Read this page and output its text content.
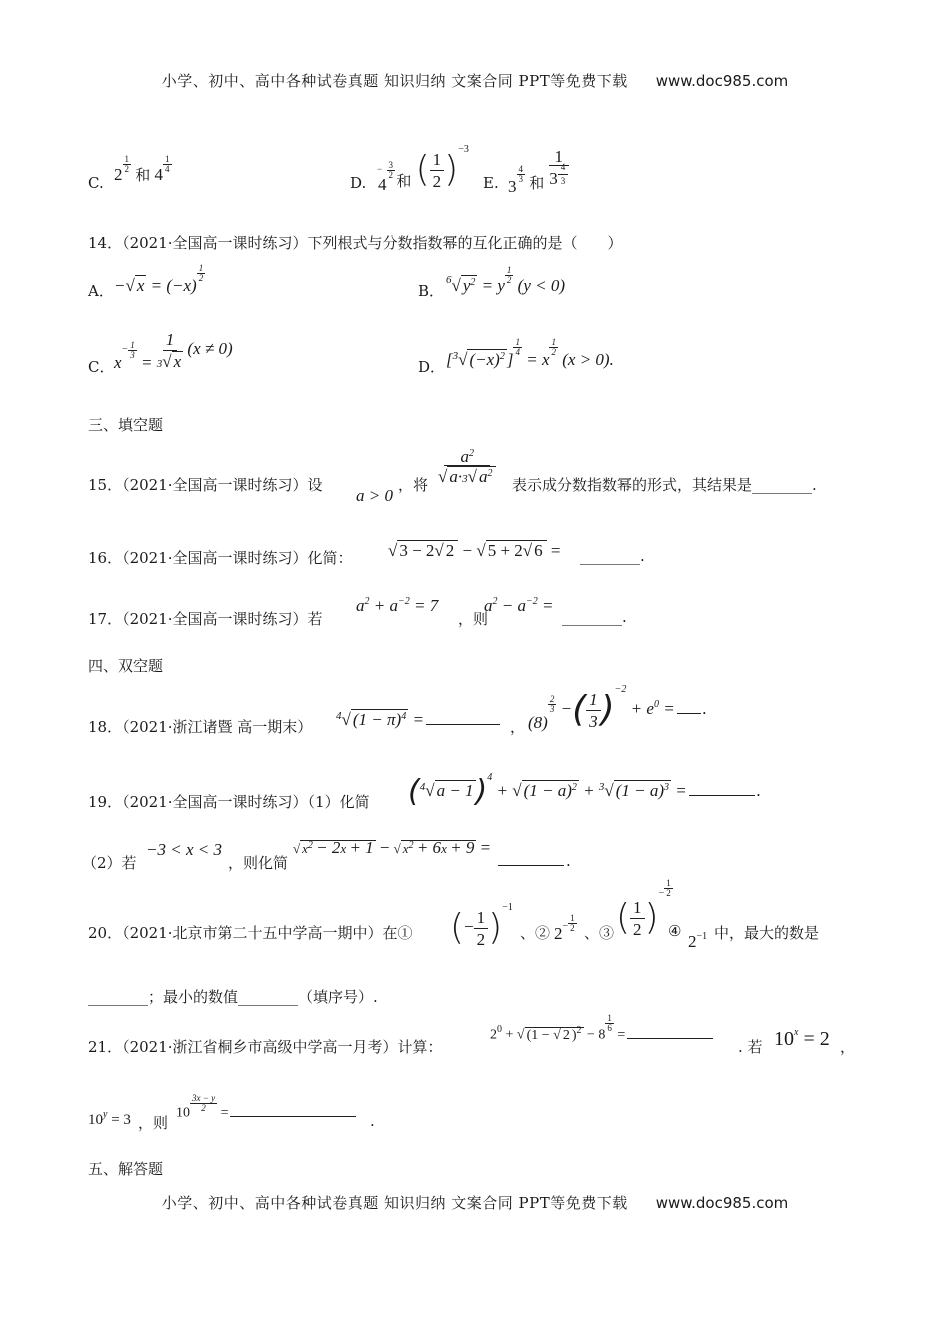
小学、初中、高中各种试卷真题 知识归纳 文案合同 PPT等免费下载 www.doc985.com
C. 2
$\frac{1}{2}$
和 4
$\frac{1}{4}$
D. 4
$\frac{3}{2}$
− 和 ( $\frac{1}{2} )^{-3}$
E. 3
$\frac{4}{3}$ 和 $\frac{1}{3 \frac{4}{3}}$
14．（2021·全国高一课时练习）下列根式与分数指数幂的互化正确的是（　　）
A． −√ x = (−x)
$\frac{1}{2}$
B．
$^6$√ $y^2 = y$
$\frac{1}{2}$
(y < 0)
C． $x- \frac{1}{3}$
= $\frac{1}{3√ x} (x \ne 0)$
D． [$^3$√ $(-x)^2$ ]
$\frac{1}{4}$
= x
$\frac{1}{2}$
(x > 0).
三、填空题
15．（2021·全国高一课时练习）设
a > 0
，将 $\frac{a^2}{√ a\cdot 3√ a^2}$ 表示成分数指数幂的形式，其结果是________.
16．（2021·全国高一课时练习）化简： √ 3 − 2√ 2 − √ 5 + 2√ 6 = ________.
17．（2021·全国高一课时练习）若
$a^2 + a^{-2} = 7$
，则
$a^2 - a^{-2}$ =
________.
四、双空题
18．（2021·浙江诸暨 高一期末）
$^4$√ $(1 - \pi)^4$ =	， (8)
$\frac{2}{3}$ −( $\frac{1}{3} )^{-2} + e^0$ = .
19．（2021·全国高一课时练习）（1）化简 ($^4$√ a − 1)$^4$ + √ $(1 - a)^2 + ^3√$ $(1 - a)^3$ =	.
（2）若
−3 < x < 3
，则化简
√ $x^2 - 2x + 1$ − √ $x^2 + 6x + 9$ =
.
20．（2021·北京市第二十五中学高一期中）在① (− $\frac{1}{2} )^{-1}$
、② $2^- \frac{1}{2}$
、③ ( $\frac{1}{2} )^- \frac{1}{2}$
④
$2^{-1}$ 中，最大的数是
________；最小的数值________（填序号）.
21．（2021·浙江省桐乡市高级中学高一月考）计算：
$2^0$ + √ (1 − √ 2 )$^2$ − 8
$\frac{1}{6}$
=
. 若 $10^x = 2$ ，
$10^y = 3$ ，则
10
$\frac{3x - y}{2}$
=	.
五、解答题
小学、初中、高中各种试卷真题 知识归纳 文案合同 PPT等免费下载 www.doc985.com
